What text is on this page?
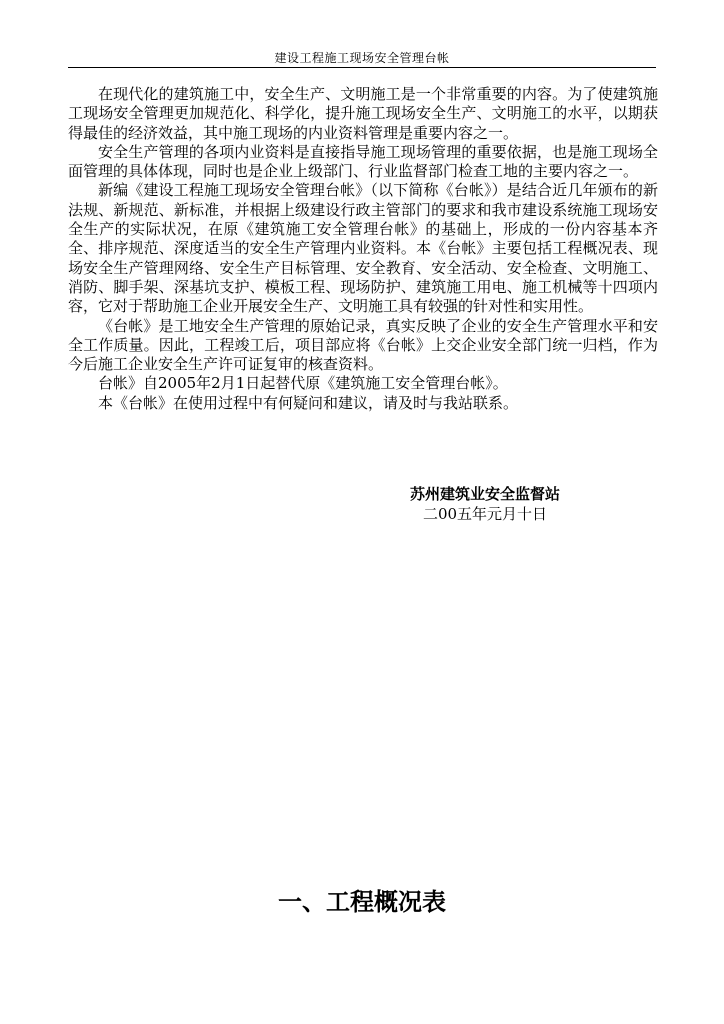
建设工程施工现场安全管理台帐

在现代化的建筑施工中，安全生产、文明施工是一个非常重要的内容。为了使建筑施工现场安全管理更加规范化、科学化，提升施工现场安全生产、文明施工的水平，以期获得最佳的经济效益，其中施工现场的内业资料管理是重要内容之一。

安全生产管理的各项内业资料是直接指导施工现场管理的重要依据，也是施工现场全面管理的具体体现，同时也是企业上级部门、行业监督部门检查工地的主要内容之一。

新编《建设工程施工现场安全管理台帐》（以下简称《台帐》）是结合近几年颁布的新法规、新规范、新标准，并根据上级建设行政主管部门的要求和我市建设系统施工现场安全生产的实际状况，在原《建筑施工安全管理台帐》的基础上，形成的一份内容基本齐全、排序规范、深度适当的安全生产管理内业资料。本《台帐》主要包括工程概况表、现场安全生产管理网络、安全生产目标管理、安全教育、安全活动、安全检查、文明施工、消防、脚手架、深基坑支护、模板工程、现场防护、建筑施工用电、施工机械等十四项内容，它对于帮助施工企业开展安全生产、文明施工具有较强的针对性和实用性。

《台帐》是工地安全生产管理的原始记录，真实反映了企业的安全生产管理水平和安全工作质量。因此，工程竣工后，项目部应将《台帐》上交企业安全部门统一归档，作为今后施工企业安全生产许可证复审的核查资料。

台帐》自2005年2月1日起替代原《建筑施工安全管理台帐》。

本《台帐》在使用过程中有何疑问和建议，请及时与我站联系。

苏州建筑业安全监督站
二00五年元月十日
一、工程概况表
